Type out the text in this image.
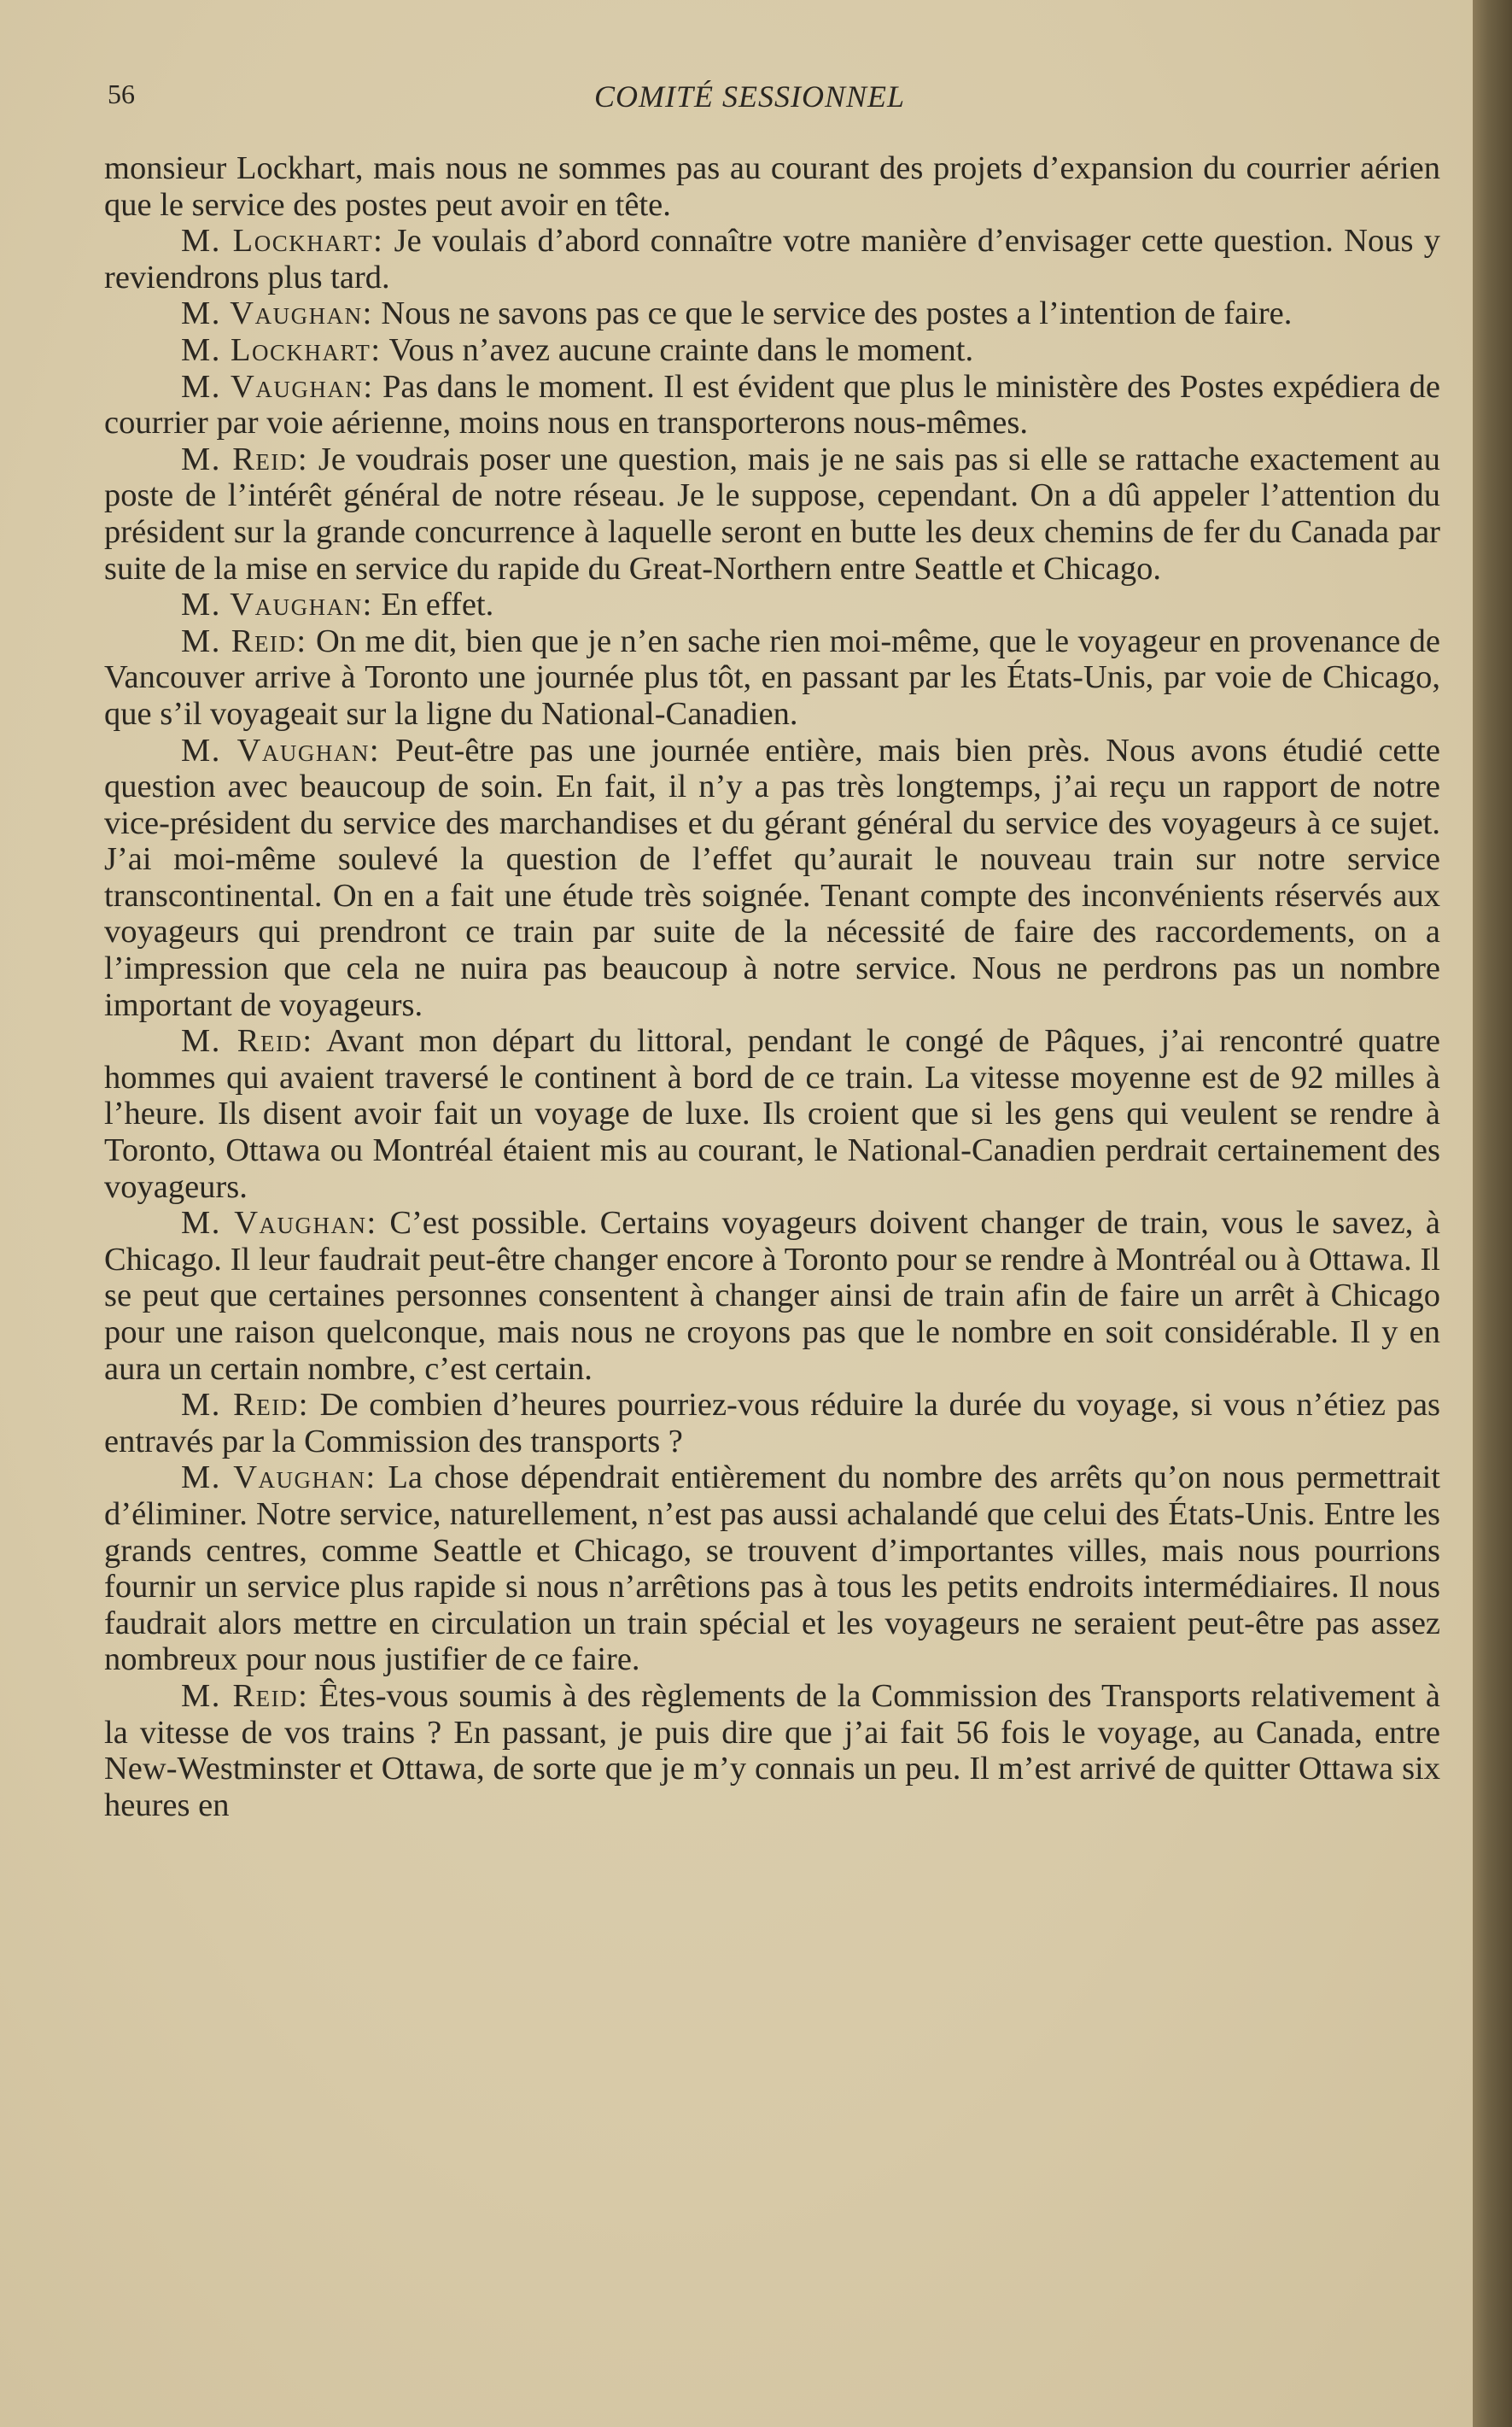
56	COMITÉ SESSIONNEL

monsieur Lockhart, mais nous ne sommes pas au courant des projets d’expansion du courrier aérien que le service des postes peut avoir en tête.

M. Lockhart: Je voulais d’abord connaître votre manière d’envisager cette question. Nous y reviendrons plus tard.

M. Vaughan: Nous ne savons pas ce que le service des postes a l’intention de faire.

M. Lockhart: Vous n’avez aucune crainte dans le moment.

M. Vaughan: Pas dans le moment. Il est évident que plus le ministère des Postes expédiera de courrier par voie aérienne, moins nous en transporterons nous-mêmes.

M. Reid: Je voudrais poser une question, mais je ne sais pas si elle se rattache exactement au poste de l’intérêt général de notre réseau. Je le suppose, cependant. On a dû appeler l’attention du président sur la grande concurrence à laquelle seront en butte les deux chemins de fer du Canada par suite de la mise en service du rapide du Great-Northern entre Seattle et Chicago.

M. Vaughan: En effet.

M. Reid: On me dit, bien que je n’en sache rien moi-même, que le voyageur en provenance de Vancouver arrive à Toronto une journée plus tôt, en passant par les États-Unis, par voie de Chicago, que s’il voyageait sur la ligne du National-Canadien.

M. Vaughan: Peut-être pas une journée entière, mais bien près. Nous avons étudié cette question avec beaucoup de soin. En fait, il n’y a pas très longtemps, j’ai reçu un rapport de notre vice-président du service des marchandises et du gérant général du service des voyageurs à ce sujet. J’ai moi-même soulevé la question de l’effet qu’aurait le nouveau train sur notre service transcontinental. On en a fait une étude très soignée. Tenant compte des inconvénients réservés aux voyageurs qui prendront ce train par suite de la nécessité de faire des raccordements, on a l’impression que cela ne nuira pas beaucoup à notre service. Nous ne perdrons pas un nombre important de voyageurs.

M. Reid: Avant mon départ du littoral, pendant le congé de Pâques, j’ai rencontré quatre hommes qui avaient traversé le continent à bord de ce train. La vitesse moyenne est de 92 milles à l’heure. Ils disent avoir fait un voyage de luxe. Ils croient que si les gens qui veulent se rendre à Toronto, Ottawa ou Montréal étaient mis au courant, le National-Canadien perdrait certainement des voyageurs.

M. Vaughan: C’est possible. Certains voyageurs doivent changer de train, vous le savez, à Chicago. Il leur faudrait peut-être changer encore à Toronto pour se rendre à Montréal ou à Ottawa. Il se peut que certaines personnes consentent à changer ainsi de train afin de faire un arrêt à Chicago pour une raison quelconque, mais nous ne croyons pas que le nombre en soit considérable. Il y en aura un certain nombre, c’est certain.

M. Reid: De combien d’heures pourriez-vous réduire la durée du voyage, si vous n’étiez pas entravés par la Commission des transports ?

M. Vaughan: La chose dépendrait entièrement du nombre des arrêts qu’on nous permettrait d’éliminer. Notre service, naturellement, n’est pas aussi achalandé que celui des États-Unis. Entre les grands centres, comme Seattle et Chicago, se trouvent d’importantes villes, mais nous pourrions fournir un service plus rapide si nous n’arrêtions pas à tous les petits endroits intermédiaires. Il nous faudrait alors mettre en circulation un train spécial et les voyageurs ne seraient peut-être pas assez nombreux pour nous justifier de ce faire.

M. Reid: Êtes-vous soumis à des règlements de la Commission des Transports relativement à la vitesse de vos trains ? En passant, je puis dire que j’ai fait 56 fois le voyage, au Canada, entre New-Westminster et Ottawa, de sorte que je m’y connais un peu. Il m’est arrivé de quitter Ottawa six heures en
